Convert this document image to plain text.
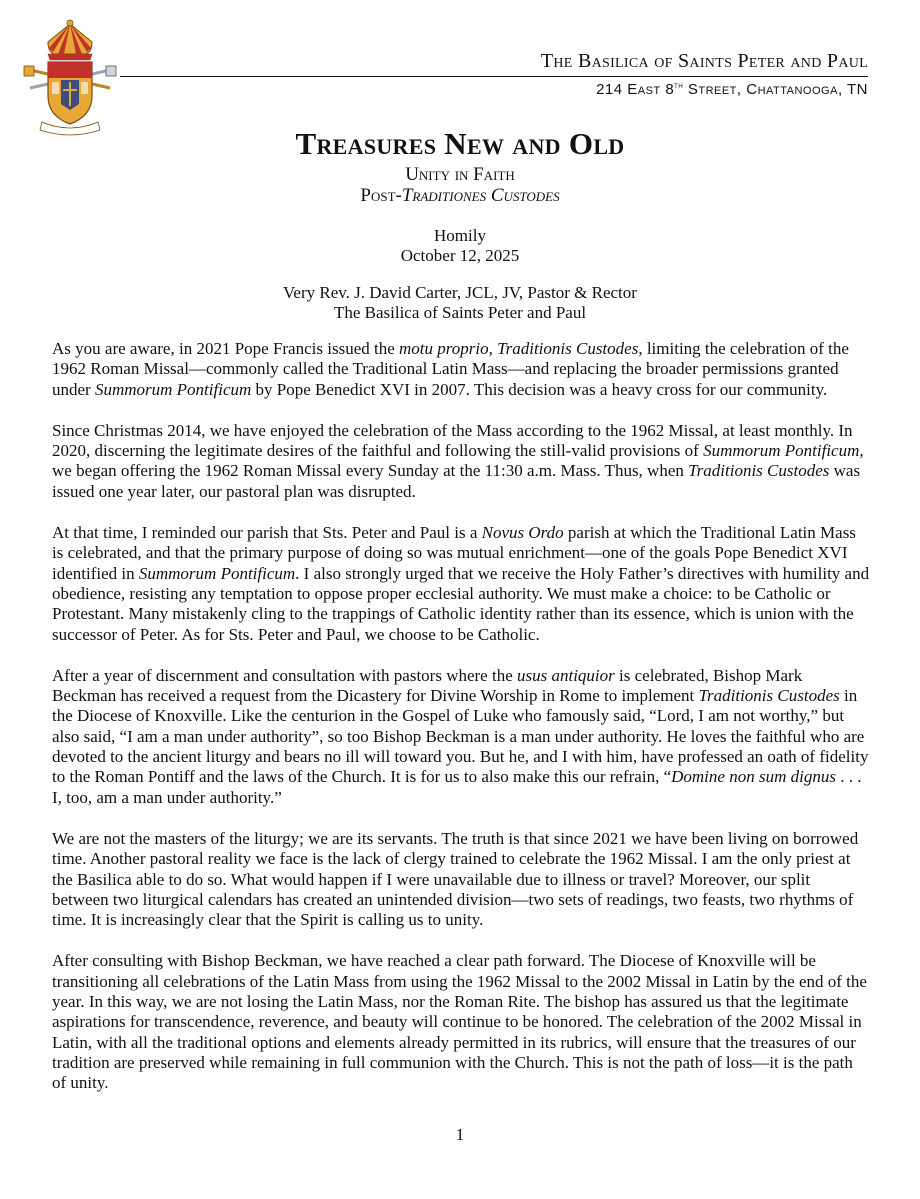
The Basilica of Saints Peter and Paul
214 East 8th Street, Chattanooga, TN
Treasures New and Old
Unity in Faith
Post-Traditiones Custodes
Homily
October 12, 2025
Very Rev. J. David Carter, JCL, JV, Pastor & Rector
The Basilica of Saints Peter and Paul

As you are aware, in 2021 Pope Francis issued the motu proprio, Traditionis Custodes, limiting the celebration of the 1962 Roman Missal—commonly called the Traditional Latin Mass—and replacing the broader permissions granted under Summorum Pontificum by Pope Benedict XVI in 2007. This decision was a heavy cross for our community.

Since Christmas 2014, we have enjoyed the celebration of the Mass according to the 1962 Missal, at least monthly. In 2020, discerning the legitimate desires of the faithful and following the still-valid provisions of Summorum Pontificum, we began offering the 1962 Roman Missal every Sunday at the 11:30 a.m. Mass. Thus, when Traditionis Custodes was issued one year later, our pastoral plan was disrupted.

At that time, I reminded our parish that Sts. Peter and Paul is a Novus Ordo parish at which the Traditional Latin Mass is celebrated, and that the primary purpose of doing so was mutual enrichment—one of the goals Pope Benedict XVI identified in Summorum Pontificum. I also strongly urged that we receive the Holy Father’s directives with humility and obedience, resisting any temptation to oppose proper ecclesial authority. We must make a choice: to be Catholic or Protestant. Many mistakenly cling to the trappings of Catholic identity rather than its essence, which is union with the successor of Peter. As for Sts. Peter and Paul, we choose to be Catholic.

After a year of discernment and consultation with pastors where the usus antiquior is celebrated, Bishop Mark Beckman has received a request from the Dicastery for Divine Worship in Rome to implement Traditionis Custodes in the Diocese of Knoxville. Like the centurion in the Gospel of Luke who famously said, “Lord, I am not worthy,” but also said, “I am a man under authority”, so too Bishop Beckman is a man under authority. He loves the faithful who are devoted to the ancient liturgy and bears no ill will toward you. But he, and I with him, have professed an oath of fidelity to the Roman Pontiff and the laws of the Church. It is for us to also make this our refrain, “Domine non sum dignus . . . I, too, am a man under authority.”

We are not the masters of the liturgy; we are its servants. The truth is that since 2021 we have been living on borrowed time. Another pastoral reality we face is the lack of clergy trained to celebrate the 1962 Missal. I am the only priest at the Basilica able to do so. What would happen if I were unavailable due to illness or travel? Moreover, our split between two liturgical calendars has created an unintended division—two sets of readings, two feasts, two rhythms of time. It is increasingly clear that the Spirit is calling us to unity.

After consulting with Bishop Beckman, we have reached a clear path forward. The Diocese of Knoxville will be transitioning all celebrations of the Latin Mass from using the 1962 Missal to the 2002 Missal in Latin by the end of the year. In this way, we are not losing the Latin Mass, nor the Roman Rite. The bishop has assured us that the legitimate aspirations for transcendence, reverence, and beauty will continue to be honored. The celebration of the 2002 Missal in Latin, with all the traditional options and elements already permitted in its rubrics, will ensure that the treasures of our tradition are preserved while remaining in full communion with the Church. This is not the path of loss—it is the path of unity.

1
